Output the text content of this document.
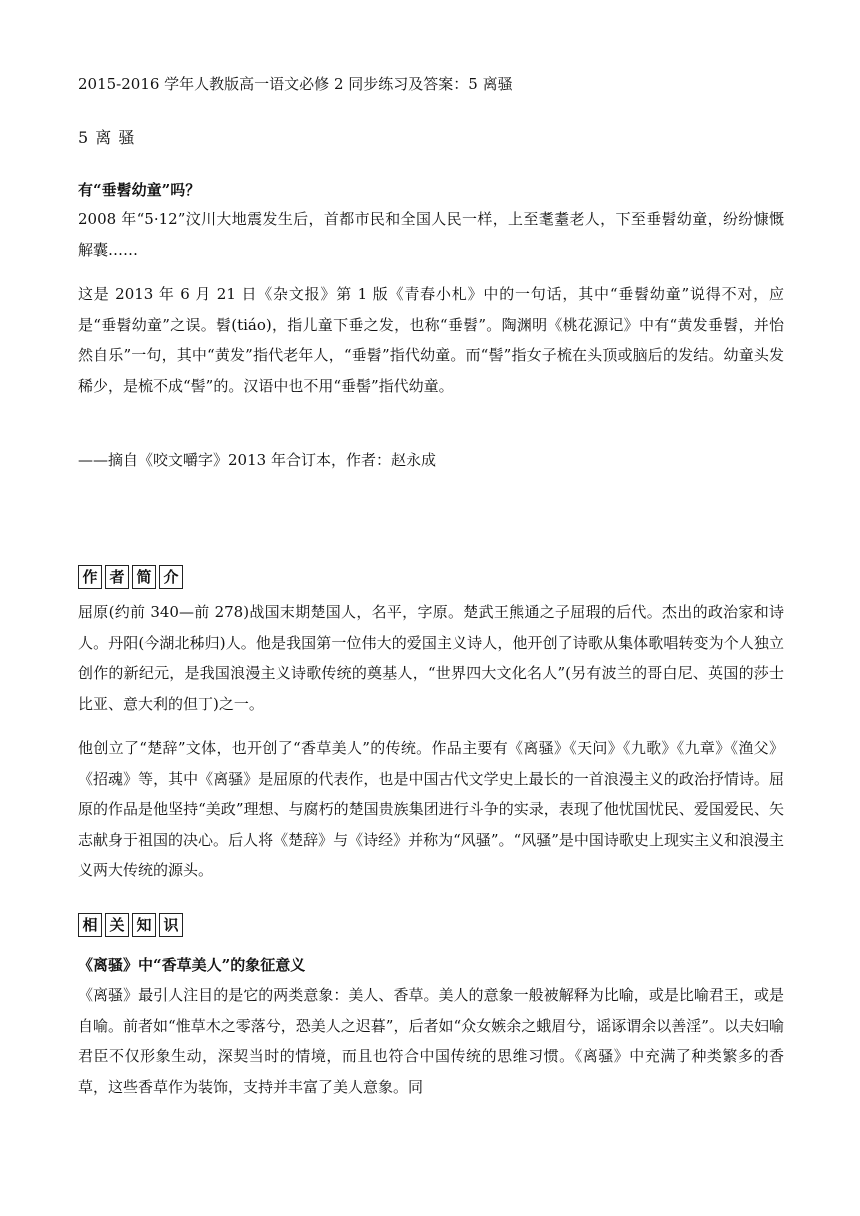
2015-2016 学年人教版高一语文必修 2 同步练习及答案：5 离骚
5 离 骚
有“垂髫幼童”吗？
2008 年“5·12”汶川大地震发生后，首都市民和全国人民一样，上至耄耋老人，下至垂髫幼童，纷纷慷慨解囊……
这是 2013 年 6 月 21 日《杂文报》第 1 版《青春小札》中的一句话，其中“垂髫幼童”说得不对，应是“垂髫幼童”之误。髫(tiáo)，指儿童下垂之发，也称“垂髫”。陶渊明《桃花源记》中有“黄发垂髫，并怡然自乐”一句，其中“黄发”指代老年人，“垂髫”指代幼童。而“髻”指女子梳在头顶或脑后的发结。幼童头发稀少，是梳不成“髻”的。汉语中也不用“垂髻”指代幼童。
——摘自《咬文嚼字》2013 年合订本，作者：赵永成
作 者 简 介
屈原(约前 340—前 278)战国末期楚国人，名平，字原。楚武王熊通之子屈瑕的后代。杰出的政治家和诗人。丹阳(今湖北秭归)人。他是我国第一位伟大的爱国主义诗人，他开创了诗歌从集体歌唱转变为个人独立创作的新纪元，是我国浪漫主义诗歌传统的奠基人，“世界四大文化名人”(另有波兰的哥白尼、英国的莎士比亚、意大利的但丁)之一。
他创立了“楚辞”文体，也开创了“香草美人”的传统。作品主要有《离骚》《天问》《九歌》《九章》《渔父》《招魂》等，其中《离骚》是屈原的代表作，也是中国古代文学史上最长的一首浪漫主义的政治抒情诗。屈原的作品是他坚持“美政”理想、与腐朽的楚国贵族集团进行斗争的实录，表现了他忧国忧民、爱国爱民、矢志献身于祖国的决心。后人将《楚辞》与《诗经》并称为“风骚”。“风骚”是中国诗歌史上现实主义和浪漫主义两大传统的源头。
相 关 知 识
《离骚》中“香草美人”的象征意义
《离骚》最引人注目的是它的两类意象：美人、香草。美人的意象一般被解释为比喻，或是比喻君王，或是自喻。前者如“惟草木之零落兮，恐美人之迟暮”，后者如“众女嫉余之蛾眉兮，谣诼谓余以善淫”。以夫妇喻君臣不仅形象生动，深契当时的情境，而且也符合中国传统的思维习惯。《离骚》中充满了种类繁多的香草，这些香草作为装饰，支持并丰富了美人意象。同
